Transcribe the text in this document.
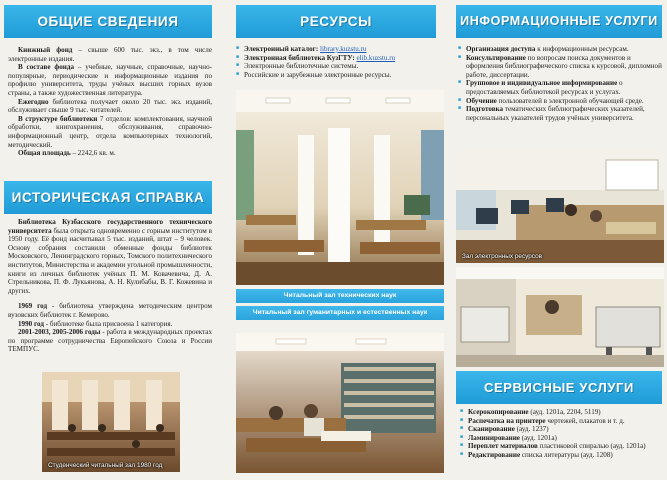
ОБЩИЕ СВЕДЕНИЯ

Книжный фонд – свыше 600 тыс. экз., в том числе электронные издания.

В составе фонда – учебные, научные, справочные, научно-популярные, периодические и информационные издания по профилю университета, труды учёных высших горных вузов страны, а также художественная литература.

Ежегодно библиотека получает около 20 тыс. экз. изданий, обслуживает свыше 9 тыс. читателей.

В структуре библиотеки 7 отделов: комплектования, научной обработки, книгохранения, обслуживания, справочно-информационный центр, отдела компьютерных технологий, методический.

Общая площадь – 2242,6 кв. м.

ИСТОРИЧЕСКАЯ СПРАВКА

Библиотека Кузбасского государственного технического университета была открыта одновременно с горным институтом в 1950 году. Её фонд насчитывал 5 тыс. изданий, штат – 9 человек. Основу собрания составили обменные фонды библиотек Московского, Ленинградского горных, Томского политехнического институтов, Министерства и академии угольной промышленности, книги из личных библиотек учёных П. М. Ковачевича, Д. А. Стрельникова, П. Ф. Лукьянова, А. Н. Кулибабы, В. Г. Кожевина и других.

1969 год - библиотека утверждена методическим центром вузовских библиотек г. Кемерово.

1990 год - библиотеке была присвоена 1 категория.

2001-2003, 2005-2006 годы - работа в международных проектах по программе сотрудничества Европейского Союза и России ТЕМПУС.

Студенческий читальный зал 1980 год
РЕСУРСЫ
■ Электронный каталог: library.kuzstu.ru
■ Электронная библиотека КузГТУ: elib.kuzstu.ru
■ Электронные библиотечные системы.
■ Российские и зарубежные электронные ресурсы.
Читальный зал технических наук
Читальный зал гуманитарных и естественных наук
ИНФОРМАЦИОННЫЕ УСЛУГИ
■ Организация доступа к информационным ресурсам.
■ Консультирование по вопросам поиска документов и оформления библиографического списка к курсовой, дипломной работе, диссертации.
■ Групповое и индивидуальное информирование о предоставляемых библиотекой ресурсах и услугах.
■ Обучение пользователей в электронной обучающей среде.
■ Подготовка тематических библиографических указателей, персональных указателей трудов учёных университета.
Зал электронных ресурсов
СЕРВИСНЫЕ УСЛУГИ
■ Ксерокопирование (ауд. 1201а, 2204, 5119)
■ Распечатка на принтере чертежей, плакатов и т. д.
■ Сканирование (ауд. 1237)
■ Ламинирование (ауд. 1201а)
■ Переплет материалов пластиковой спиралью (ауд. 1201а)
■ Редактирование списка литературы (ауд. 1208)
